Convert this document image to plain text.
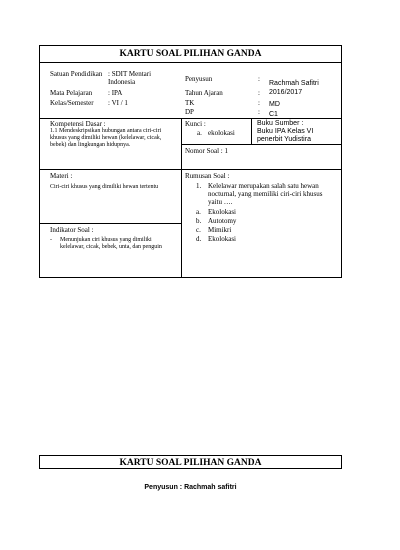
KARTU SOAL PILIHAN GANDA
Satuan Pendidikan : SDIT Mentari Indonesia
Mata Pelajaran	: IPA
Kelas/Semester	: VI / 1
Penyusun	:
Rachmah Safitri
Tahun Ajaran	: 2016/2017
TK	: MD
DP	: C1
Kompetensi Dasar :
1.1 Mendeskripsikan hubungan antara ciri-ciri khusus yang dimiliki hewan (kelelawar, cicak, bebek) dan lingkungan hidupnya.
Kunci :
a. ekolokasi
Buku Sumber :
Buku IPA Kelas VI penerbit Yudistira
Nomor Soal : 1
Materi :
Ciri-ciri khusus yang dimiliki hewan tertentu
Indikator Soal :
- Menunjukan ciri khusus yang dimiliki kelelawar, cicak, bebek, unta, dan penguin
Rumusan Soal :
1. Kelelawar merupakan salah satu hewan nocturnal, yang memiliki ciri-ciri khusus yaitu ….
a. Ekolokasi
b. Autotomy
c. Mimikri
d. Ekolokasi
KARTU SOAL PILIHAN GANDA
Penyusun : Rachmah safitri
